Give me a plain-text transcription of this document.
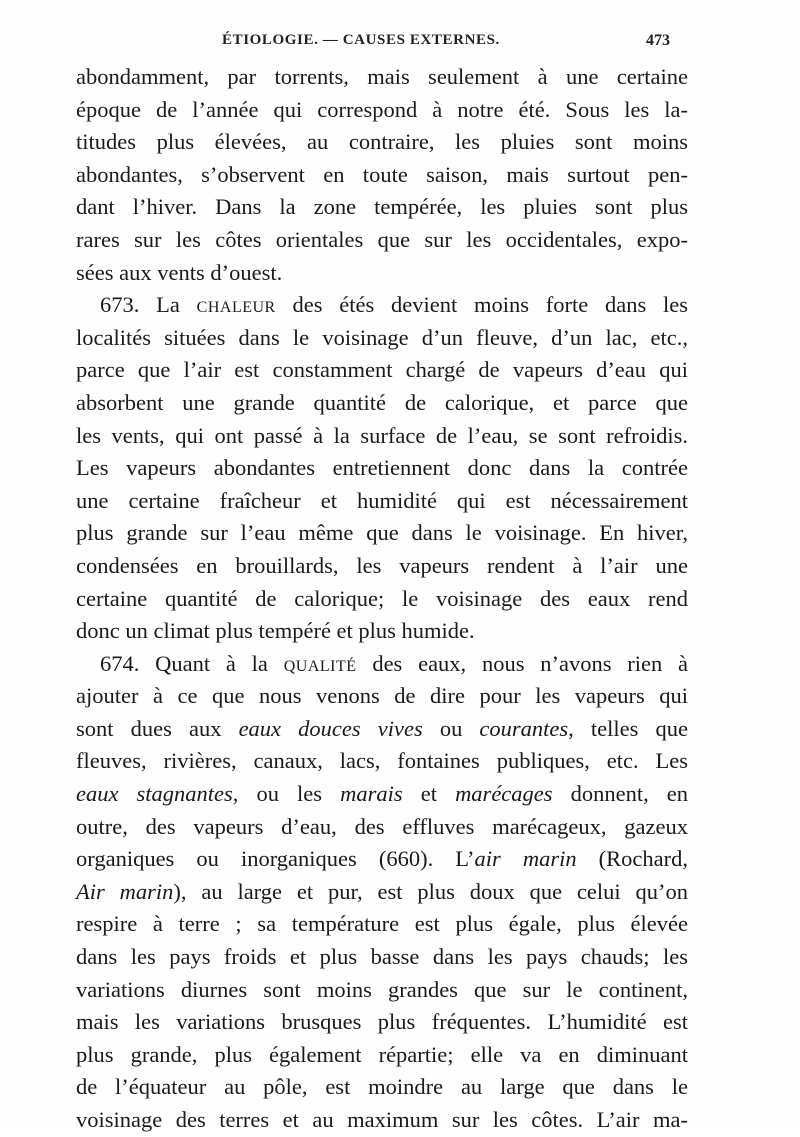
ÉTIOLOGIE. — CAUSES EXTERNES.	473
abondamment, par torrents, mais seulement à une certaine
époque de l’année qui correspond à notre été. Sous les la-
titudes plus élevées, au contraire, les pluies sont moins
abondantes, s’observent en toute saison, mais surtout pen-
dant l’hiver. Dans la zone tempérée, les pluies sont plus
rares sur les côtes orientales que sur les occidentales, expo-
sées aux vents d’ouest.
673. La chaleur des étés devient moins forte dans les
localités situées dans le voisinage d’un fleuve, d’un lac, etc.,
parce que l’air est constamment chargé de vapeurs d’eau qui
absorbent une grande quantité de calorique, et parce que
les vents, qui ont passé à la surface de l’eau, se sont refroidis.
Les vapeurs abondantes entretiennent donc dans la contrée
une certaine fraîcheur et humidité qui est nécessairement
plus grande sur l’eau même que dans le voisinage. En hiver,
condensées en brouillards, les vapeurs rendent à l’air une
certaine quantité de calorique; le voisinage des eaux rend
donc un climat plus tempéré et plus humide.
674. Quant à la qualité des eaux, nous n’avons rien à
ajouter à ce que nous venons de dire pour les vapeurs qui
sont dues aux eaux douces vives ou courantes, telles que
fleuves, rivières, canaux, lacs, fontaines publiques, etc. Les
eaux stagnantes, ou les marais et marécages donnent, en
outre, des vapeurs d’eau, des effluves marécageux, gazeux
organiques ou inorganiques (660). L’air marin (Rochard,
Air marin), au large et pur, est plus doux que celui qu’on
respire à terre ; sa température est plus égale, plus élevée
dans les pays froids et plus basse dans les pays chauds; les
variations diurnes sont moins grandes que sur le continent,
mais les variations brusques plus fréquentes. L’humidité est
plus grande, plus également répartie; elle va en diminuant
de l’équateur au pôle, est moindre au large que dans le
voisinage des terres et au maximum sur les côtes. L’air ma-
